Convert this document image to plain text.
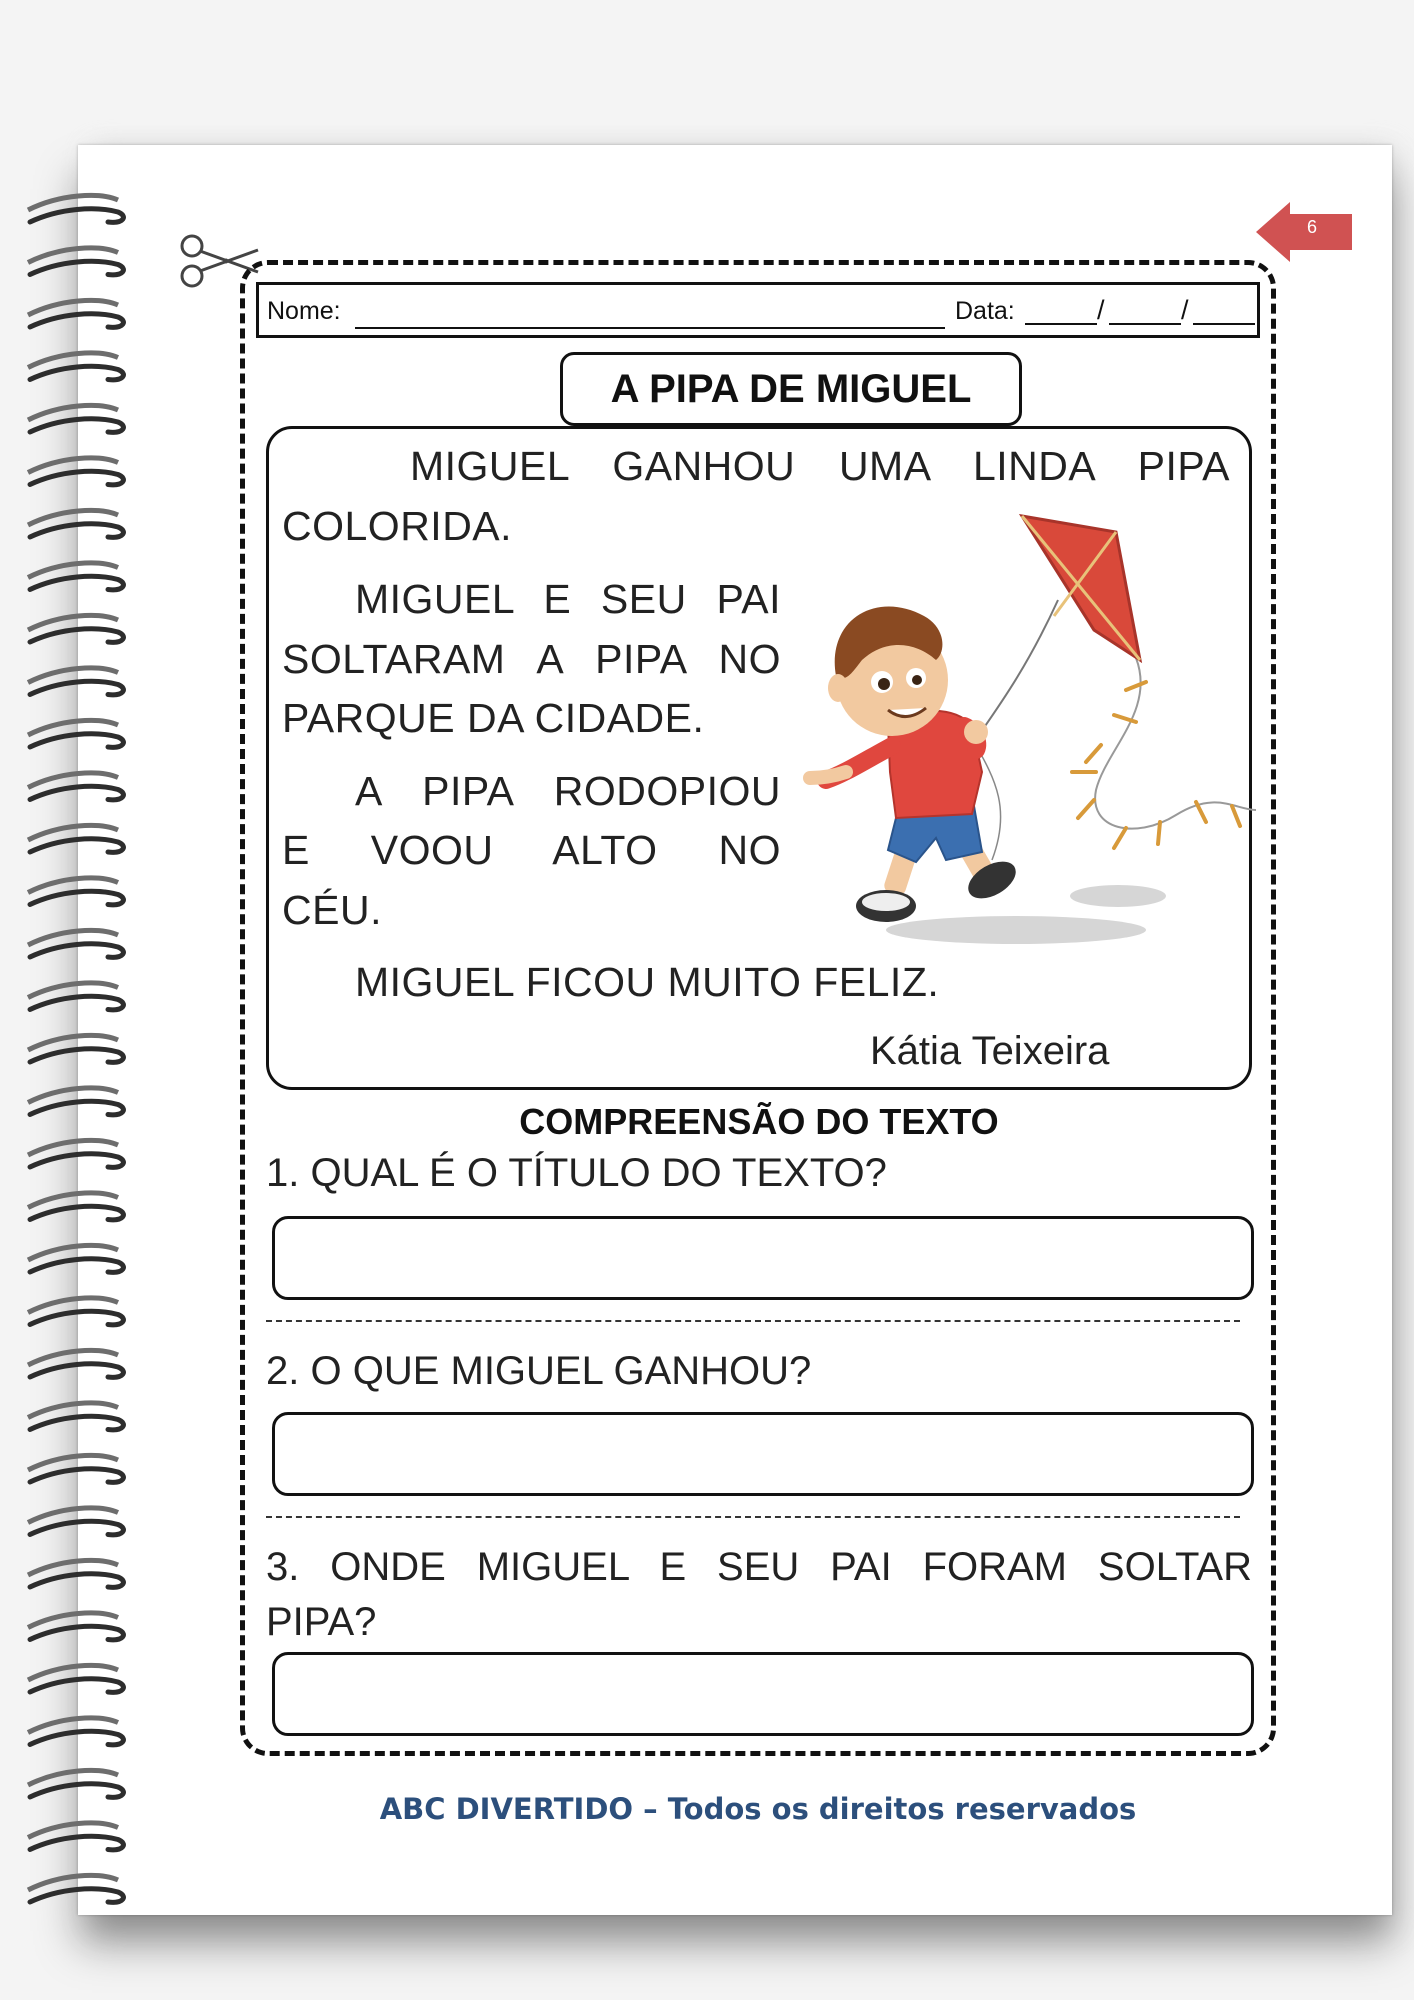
6
Nome:	Data:	/	/
A PIPA DE MIGUEL
MIGUEL GANHOU UMA LINDA PIPA
COLORIDA.
MIGUEL E SEU PAI
SOLTARAM A PIPA NO
PARQUE DA CIDADE.
A PIPA RODOPIOU
E VOOU ALTO NO
CÉU.
MIGUEL FICOU MUITO FELIZ.
Kátia Teixeira
COMPREENSÃO DO TEXTO
1. QUAL É O TÍTULO DO TEXTO?
2. O QUE MIGUEL GANHOU?
3. ONDE MIGUEL E SEU PAI FORAM SOLTAR
PIPA?
ABC DIVERTIDO – Todos os direitos reservados
